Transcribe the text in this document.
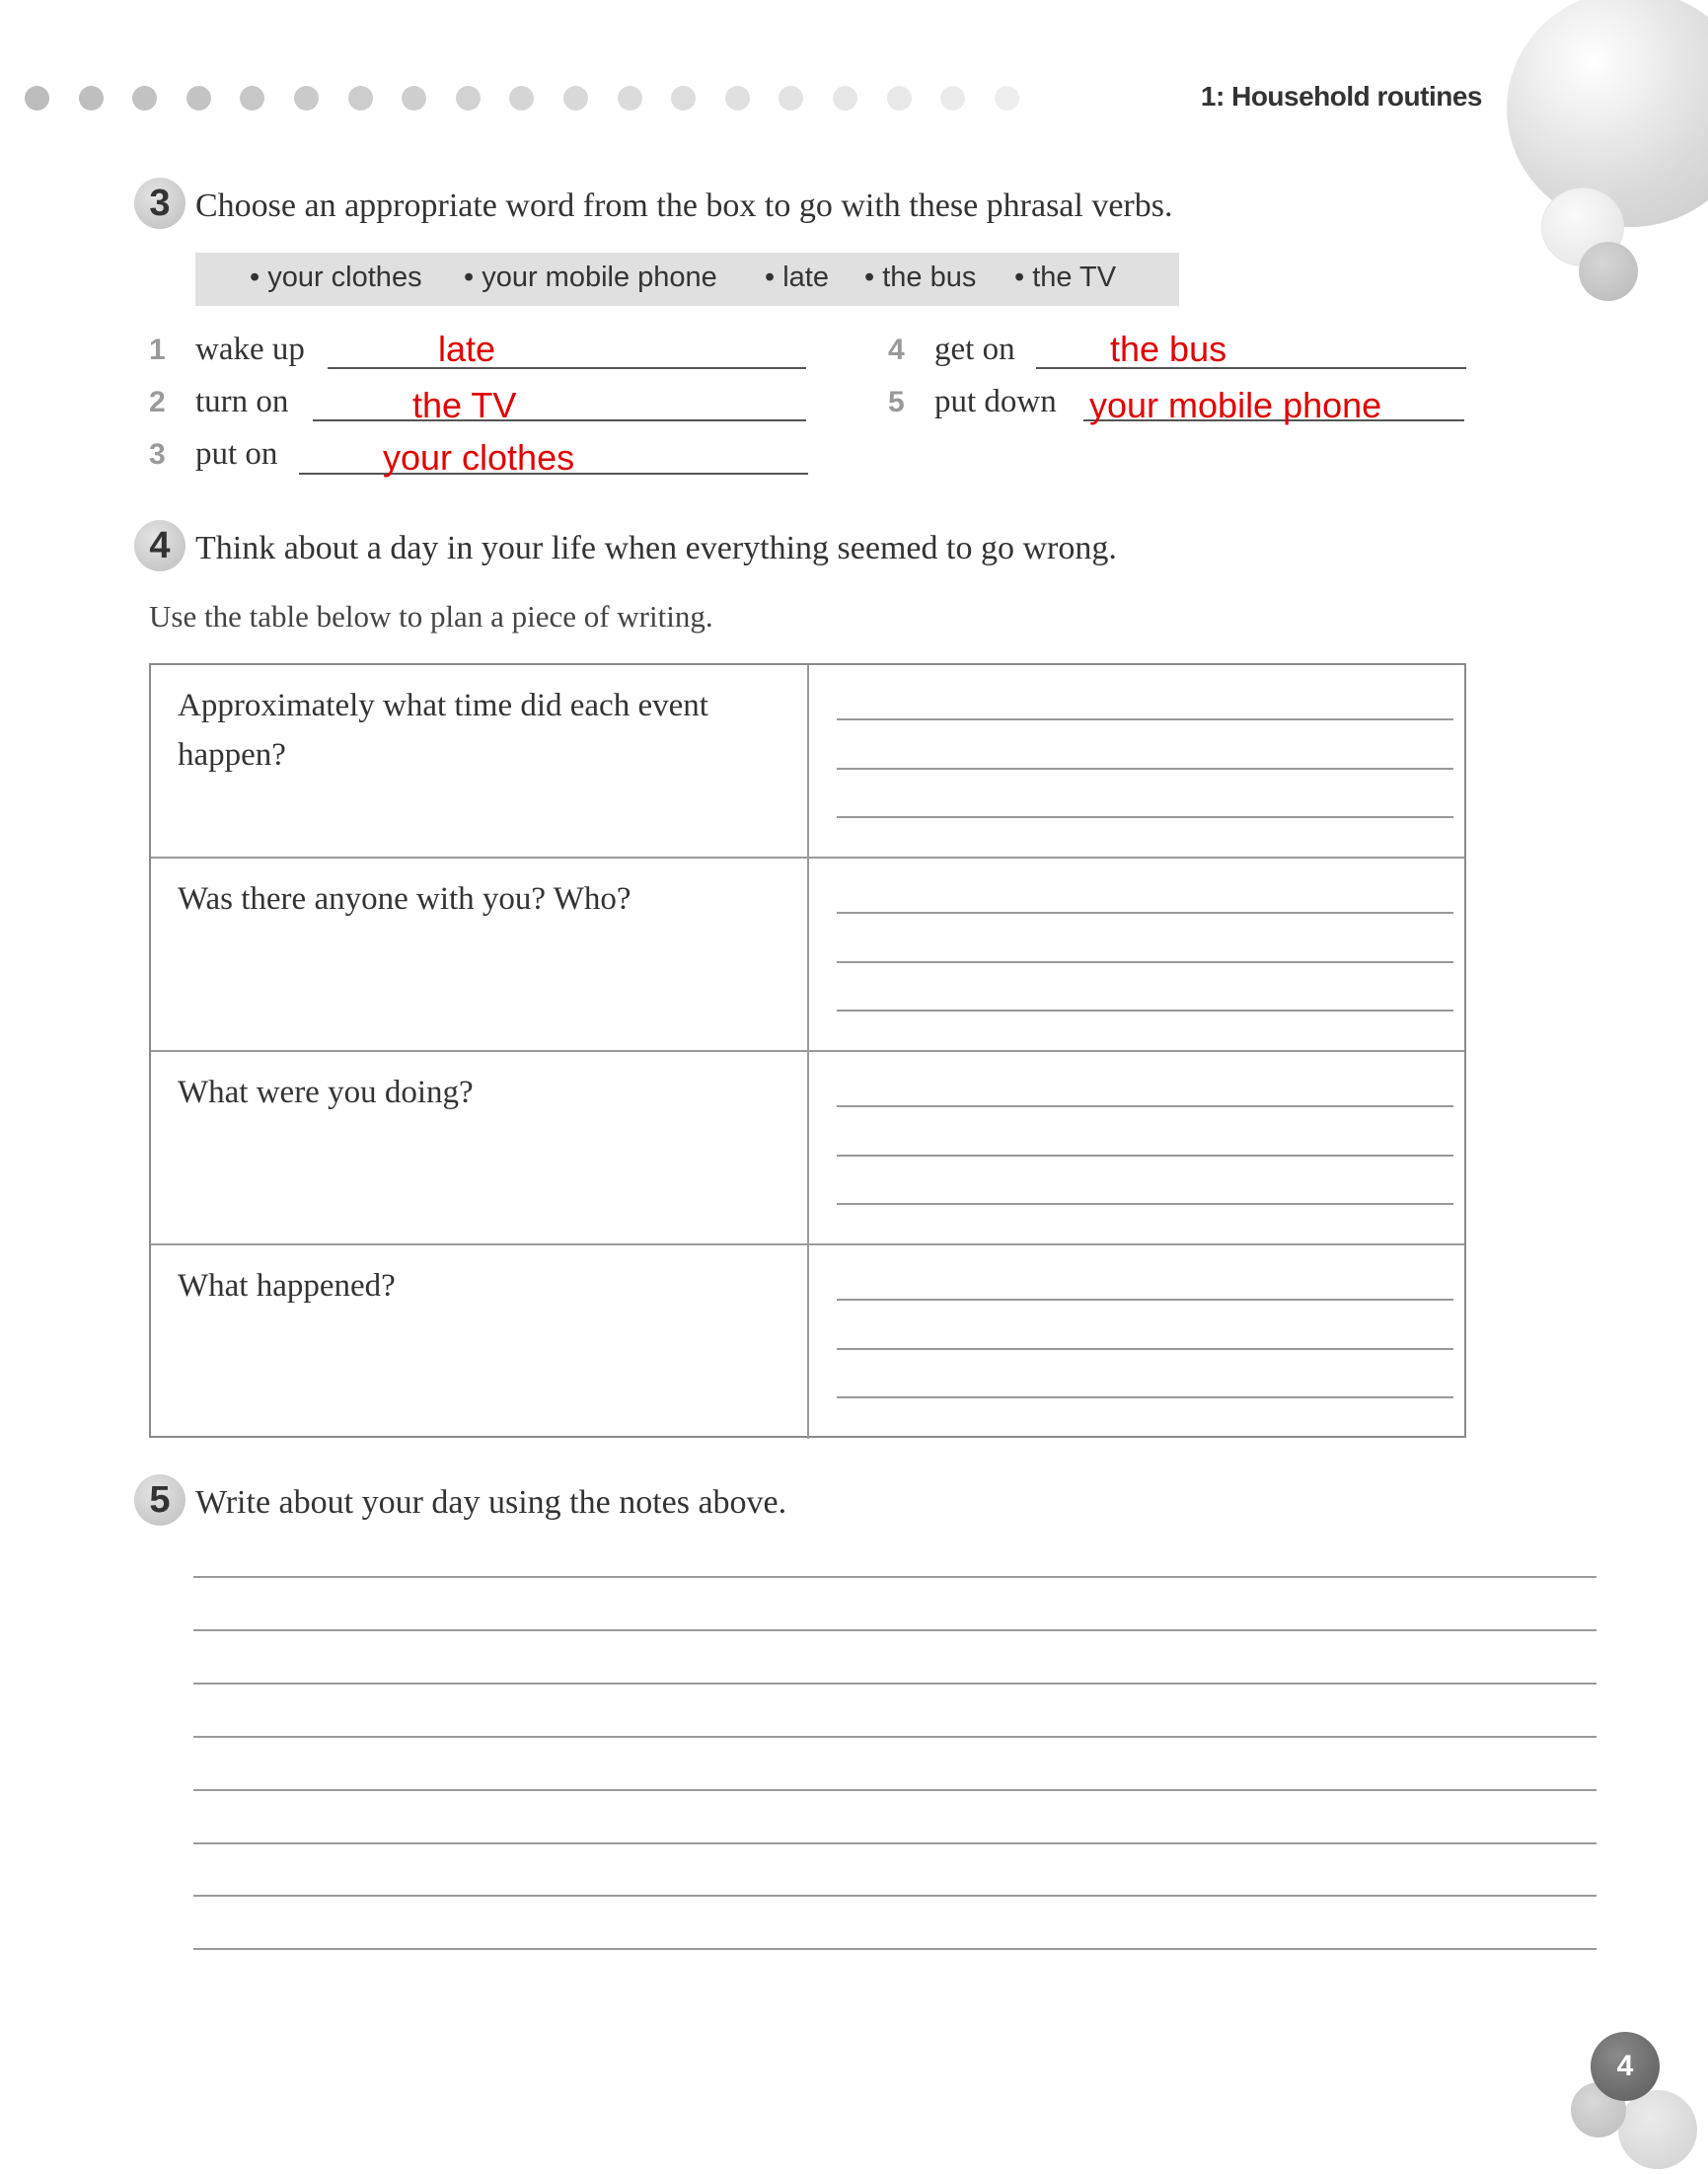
1: Household routines
3 Choose an appropriate word from the box to go with these phrasal verbs.
• your clothes • your mobile phone • late • the bus • the TV
1 wake up	late
2 turn on	the TV
3 put on	your clothes
4 get on	the bus
5 put down your mobile phone
4 Think about a day in your life when everything seemed to go wrong.
Use the table below to plan a piece of writing.
Approximately what time did each event happen?
Was there anyone with you? Who?
What were you doing?
What happened?
5 Write about your day using the notes above.
4
